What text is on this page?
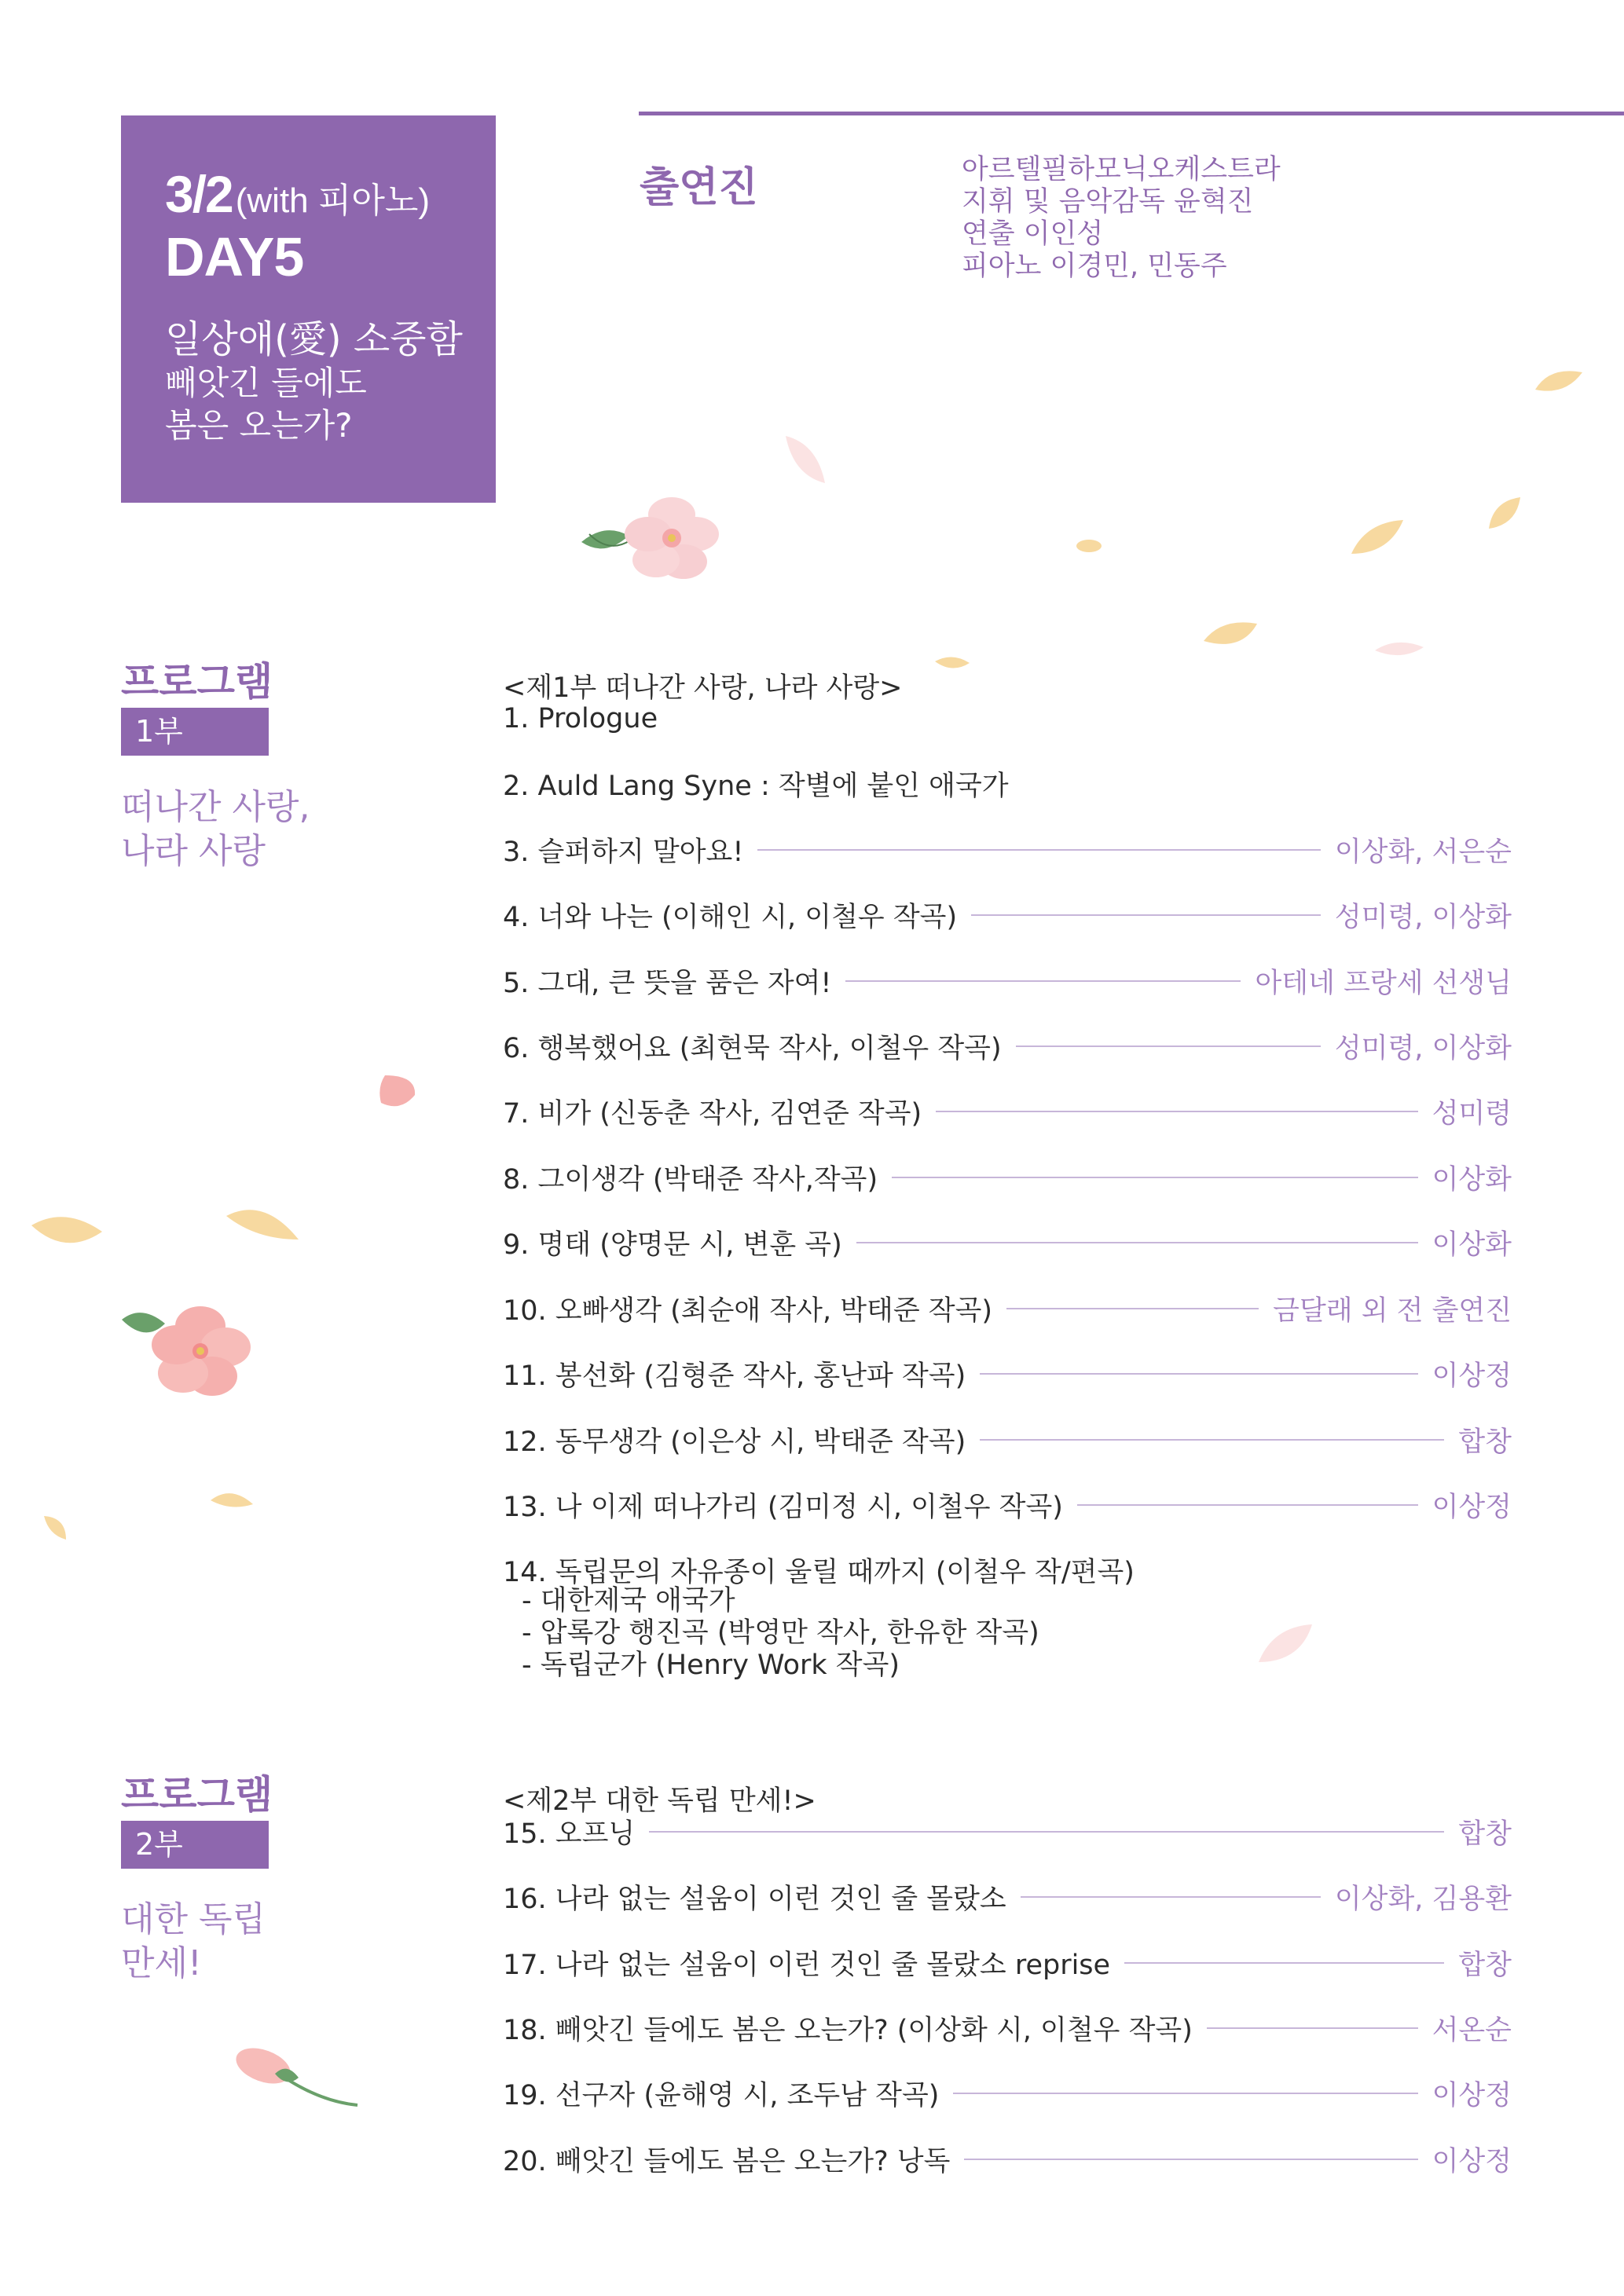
3/2(with 피아노)
DAY5
일상애(愛) 소중함
빼앗긴 들에도
봄은 오는가?
출연진	아르텔필하모닉오케스트라
지휘 및 음악감독 윤혁진
연출 이인성
피아노 이경민, 민동주
프로그램
1부
떠나간 사랑,
나라 사랑
<제1부 떠나간 사랑, 나라 사랑>
1. Prologue
2. Auld Lang Syne : 작별에 붙인 애국가
3. 슬퍼하지 말아요!	이상화, 서은순
4. 너와 나는 (이해인 시, 이철우 작곡)	성미령, 이상화
5. 그대, 큰 뜻을 품은 자여!	아테네 프랑세 선생님
6. 행복했어요 (최현묵 작사, 이철우 작곡)	성미령, 이상화
7. 비가 (신동춘 작사, 김연준 작곡)	성미령
8. 그이생각 (박태준 작사,작곡)	이상화
9. 명태 (양명문 시, 변훈 곡)	이상화
10. 오빠생각 (최순애 작사, 박태준 작곡)	금달래 외 전 출연진
11. 봉선화 (김형준 작사, 홍난파 작곡)	이상정
12. 동무생각 (이은상 시, 박태준 작곡)	합창
13. 나 이제 떠나가리 (김미정 시, 이철우 작곡)	이상정
14. 독립문의 자유종이 울릴 때까지 (이철우 작/편곡)
- 대한제국 애국가
- 압록강 행진곡 (박영만 작사, 한유한 작곡)
- 독립군가 (Henry Work 작곡)
프로그램
2부
대한 독립
만세!
<제2부 대한 독립 만세!>
15. 오프닝	합창
16. 나라 없는 설움이 이런 것인 줄 몰랐소	이상화, 김용환
17. 나라 없는 설움이 이런 것인 줄 몰랐소 reprise	합창
18. 빼앗긴 들에도 봄은 오는가? (이상화 시, 이철우 작곡)	서온순
19. 선구자 (윤해영 시, 조두남 작곡)	이상정
20. 빼앗긴 들에도 봄은 오는가? 낭독	이상정
